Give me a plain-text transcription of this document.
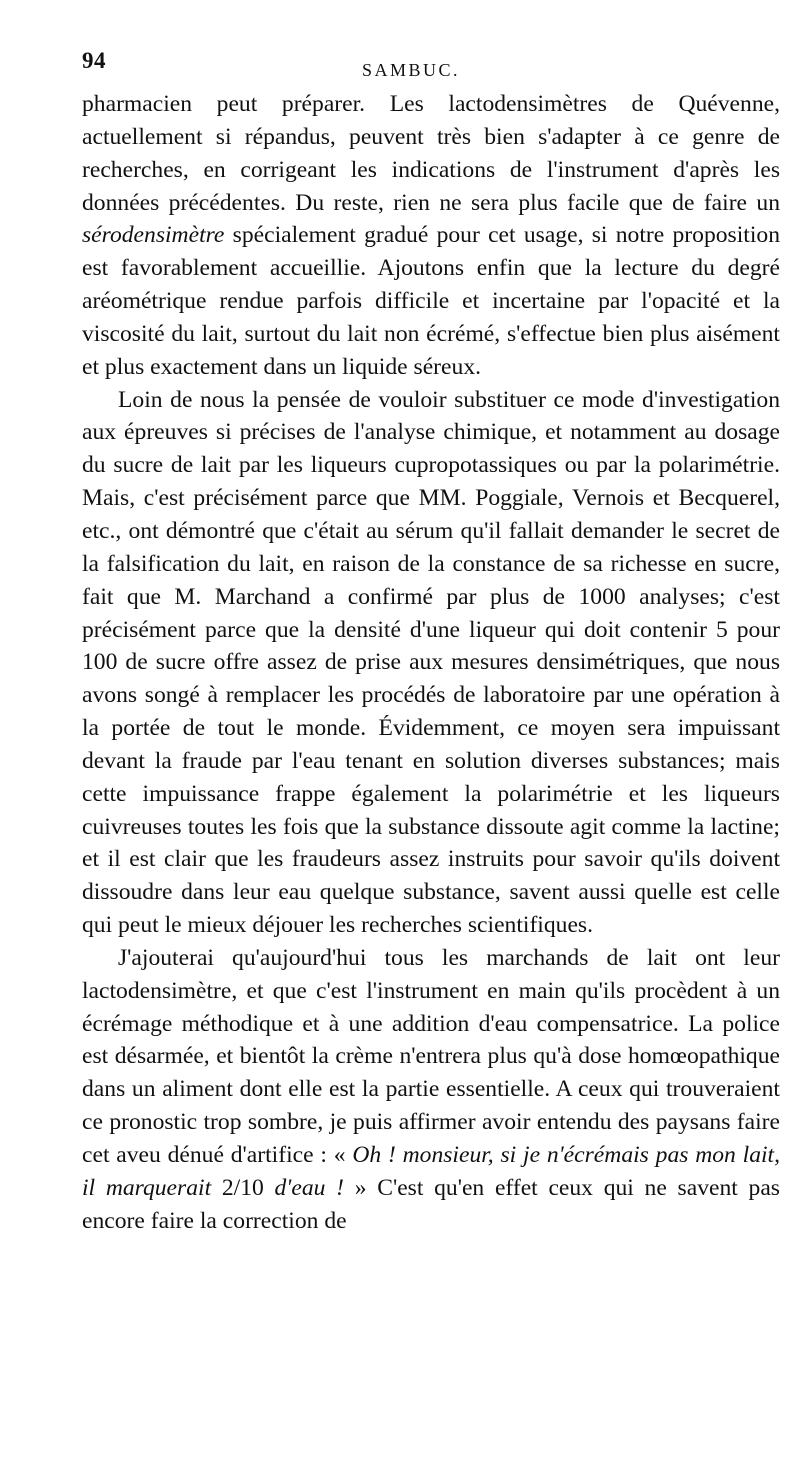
94	SAMBUC.

pharmacien peut préparer. Les lactodensimètres de Quévenne, actuellement si répandus, peuvent très bien s'adapter à ce genre de recherches, en corrigeant les indications de l'instrument d'après les données précédentes. Du reste, rien ne sera plus facile que de faire un sérodensimètre spécialement gradué pour cet usage, si notre proposition est favorablement accueillie. Ajoutons enfin que la lecture du degré aréométrique rendue parfois difficile et incertaine par l'opacité et la viscosité du lait, surtout du lait non écrémé, s'effectue bien plus aisément et plus exactement dans un liquide séreux.

Loin de nous la pensée de vouloir substituer ce mode d'investigation aux épreuves si précises de l'analyse chimique, et notamment au dosage du sucre de lait par les liqueurs cupropotassiques ou par la polarimétrie. Mais, c'est précisément parce que MM. Poggiale, Vernois et Becquerel, etc., ont démontré que c'était au sérum qu'il fallait demander le secret de la falsification du lait, en raison de la constance de sa richesse en sucre, fait que M. Marchand a confirmé par plus de 1000 analyses; c'est précisément parce que la densité d'une liqueur qui doit contenir 5 pour 100 de sucre offre assez de prise aux mesures densimétriques, que nous avons songé à remplacer les procédés de laboratoire par une opération à la portée de tout le monde. Évidemment, ce moyen sera impuissant devant la fraude par l'eau tenant en solution diverses substances; mais cette impuissance frappe également la polarimétrie et les liqueurs cuivreuses toutes les fois que la substance dissoute agit comme la lactine; et il est clair que les fraudeurs assez instruits pour savoir qu'ils doivent dissoudre dans leur eau quelque substance, savent aussi quelle est celle qui peut le mieux déjouer les recherches scientifiques.

J'ajouterai qu'aujourd'hui tous les marchands de lait ont leur lactodensimètre, et que c'est l'instrument en main qu'ils procèdent à un écrémage méthodique et à une addition d'eau compensatrice. La police est désarmée, et bientôt la crème n'entrera plus qu'à dose homœopathique dans un aliment dont elle est la partie essentielle. A ceux qui trouveraient ce pronostic trop sombre, je puis affirmer avoir entendu des paysans faire cet aveu dénué d'artifice : « Oh ! monsieur, si je n'écrémais pas mon lait, il marquerait 2/10 d'eau ! » C'est qu'en effet ceux qui ne savent pas encore faire la correction de
